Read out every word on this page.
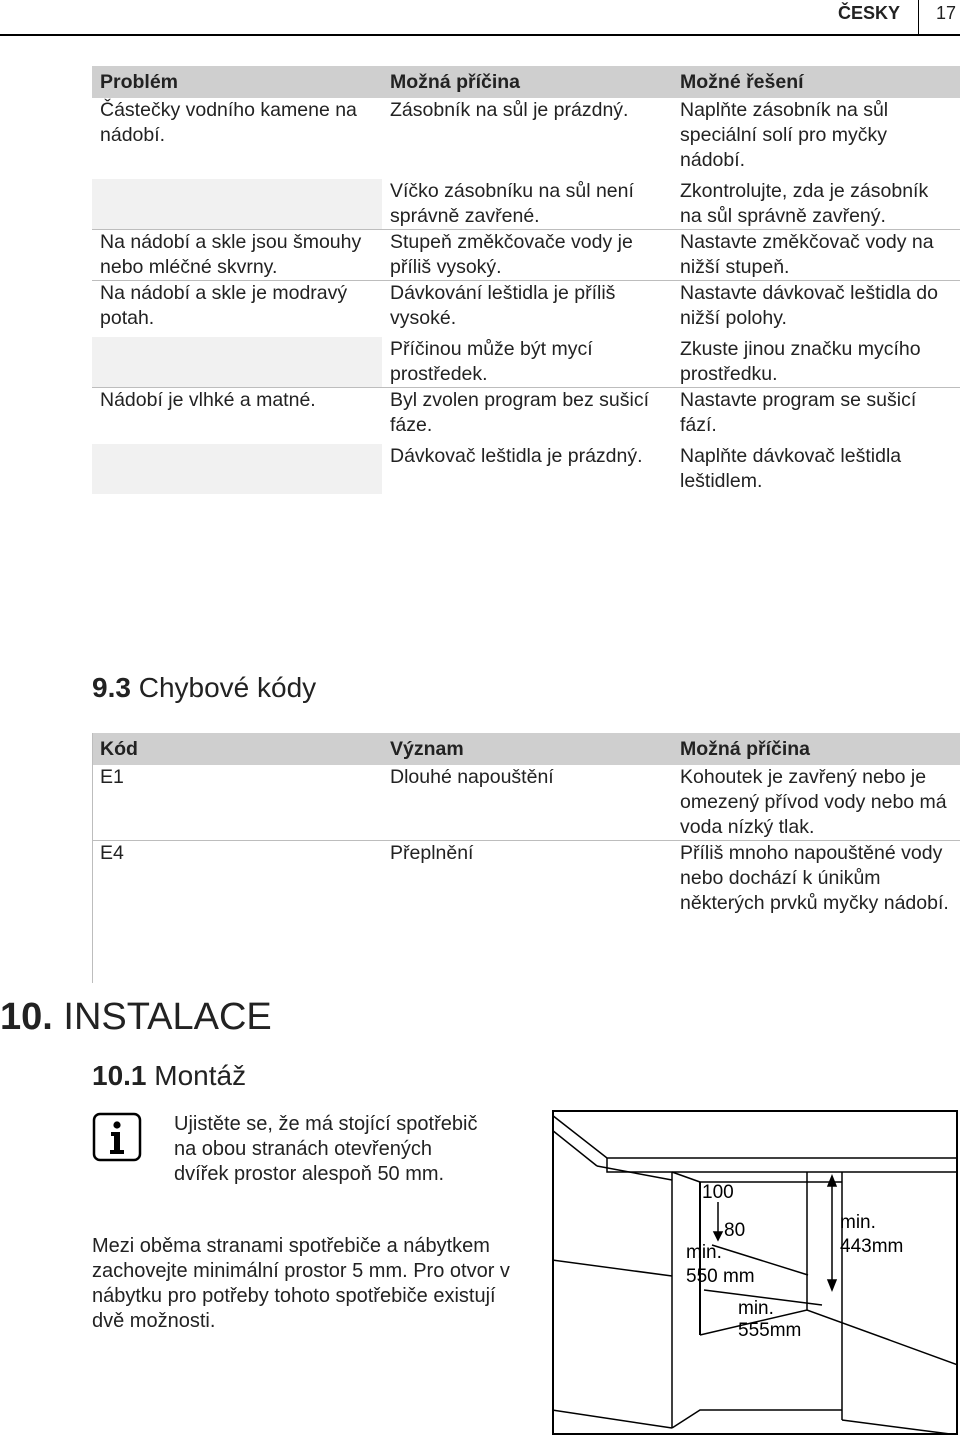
ČESKY 17
Problém	Možná příčina	Možné řešení
Částečky vodního kamene na nádobí.	Zásobník na sůl je prázdný.	Naplňte zásobník na sůl speciální solí pro myčky nádobí.
	Víčko zásobníku na sůl není správně zavřené.	Zkontrolujte, zda je zásobník na sůl správně zavřený.
Na nádobí a skle jsou šmouhy nebo mléčné skvrny.	Stupeň změkčovače vody je příliš vysoký.	Nastavte změkčovač vody na nižší stupeň.
Na nádobí a skle je modravý potah.	Dávkování leštidla je příliš vysoké.	Nastavte dávkovač leštidla do nižší polohy.
	Příčinou může být mycí prostředek.	Zkuste jinou značku mycího prostředku.
Nádobí je vlhké a matné.	Byl zvolen program bez sušicí fáze.	Nastavte program se sušicí fází.
	Dávkovač leštidla je prázdný.	Naplňte dávkovač leštidla leštidlem.
9.3 Chybové kódy
Kód	Význam	Možná příčina
E1	Dlouhé napouštění	Kohoutek je zavřený nebo je omezený přívod vody nebo má voda nízký tlak.
E4	Přeplnění	Příliš mnoho napouštěné vody nebo dochází k únikům některých prvků myčky nádobí.
10. INSTALACE
10.1 Montáž
Ujistěte se, že má stojící spotřebič na obou stranách otevřených dvířek prostor alespoň 50 mm.
Mezi oběma stranami spotřebiče a nábytkem zachovejte minimální prostor 5 mm. Pro otvor v nábytku pro potřeby tohoto spotřebiče existují dvě možnosti.
100
80
min.
550 mm
min.
555mm
min.
443mm
